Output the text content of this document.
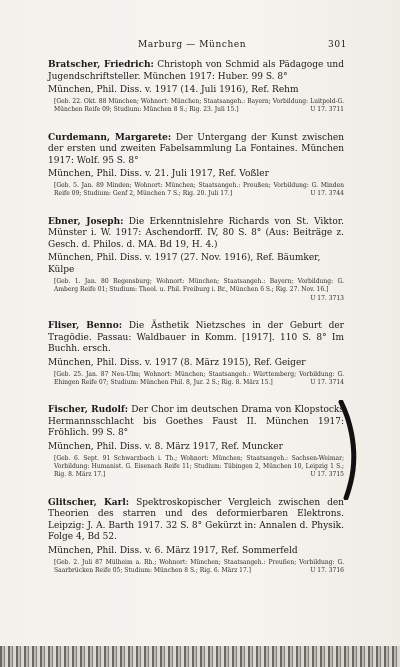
Marburg — München	301
Bratscher, Friedrich: Christoph von Schmid als Pädagoge und Jugendschriftsteller. München 1917: Huber. 99 S. 8°
München, Phil. Diss. v. 1917 (14. Juli 1916), Ref. Rehm
[Geb. 22. Okt. 88 München; Wohnort: München; Staatsangeh.: Bayern; Vorbildung: Luitpold-G. München Reife 09; Studium: München 8 S.; Rig. 23. Juli 15.]	U 17. 3711
Curdemann, Margarete: Der Untergang der Kunst zwischen der ersten und zweiten Fabelsammlung La Fontaines. München 1917: Wolf. 95 S. 8°
München, Phil. Diss. v. 21. Juli 1917, Ref. Voßler
[Geb. 5. Jan. 89 Minden; Wohnort: München; Staatsangeh.: Preußen; Vorbildung: G. Minden Reife 09; Studium: Genf 2, München 7 S.; Rig. 20. Juli 17.]	U 17. 3744
Ebner, Joseph: Die Erkenntnislehre Richards von St. Viktor. Münster i. W. 1917: Aschendorff. IV, 80 S. 8° (Aus: Beiträge z. Gesch. d. Philos. d. MA. Bd 19, H. 4.)
München, Phil. Diss. v. 1917 (27. Nov. 1916), Ref. Bäumker, Külpe
[Geb. 1. Jan. 80 Regensburg; Wohnort: München; Staatsangeh.: Bayern; Vorbildung: G. Amberg Reife 01; Studium: Theol. u. Phil. Freiburg i. Br., München 6 S.; Rig. 27. Nov. 16.]
U 17. 3713
Fliser, Benno: Die Ästhetik Nietzsches in der Geburt der Tragödie. Passau: Waldbauer in Komm. [1917]. 110 S. 8° Im Buchh. ersch.
München, Phil. Diss. v. 1917 (8. März 1915), Ref. Geiger
[Geb. 25. Jan. 87 Neu-Ulm; Wohnort: München; Staatsangeh.: Württemberg; Vorbildung: G. Ehingen Reife 07; Studium: München Phil. 8, Jur. 2 S.; Rig. 8. März 15.]	U 17. 3714
Fischer, Rudolf: Der Chor im deutschen Drama von Klopstocks Hermannsschlacht bis Goethes Faust II. München 1917: Fröhlich. 99 S. 8°
München, Phil. Diss. v. 8. März 1917, Ref. Muncker
[Geb. 6. Sept. 91 Schwarzbach i. Th.; Wohnort: München; Staatsangeh.: Sachsen-Weimar; Vorbildung: Humanist. G. Eisenach Reife 11; Studium: Tübingen 2, München 10, Leipzig 1 S.; Rig. 8. März 17.]	U 17. 3715
Glitscher, Karl: Spektroskopischer Vergleich zwischen den Theorien des starren und des deformierbaren Elektrons. Leipzig: J. A. Barth 1917. 32 S. 8° Gekürzt in: Annalen d. Physik. Folge 4, Bd 52.
München, Phil. Diss. v. 6. März 1917, Ref. Sommerfeld
[Geb. 2. Juli 87 Mülheim a. Rh.; Wohnort: München; Staatsangeh.: Preußen; Vorbildung: G. Saarbrücken Reife 05; Studium: München 8 S.; Rig. 6. März 17.]	U 17. 3716
